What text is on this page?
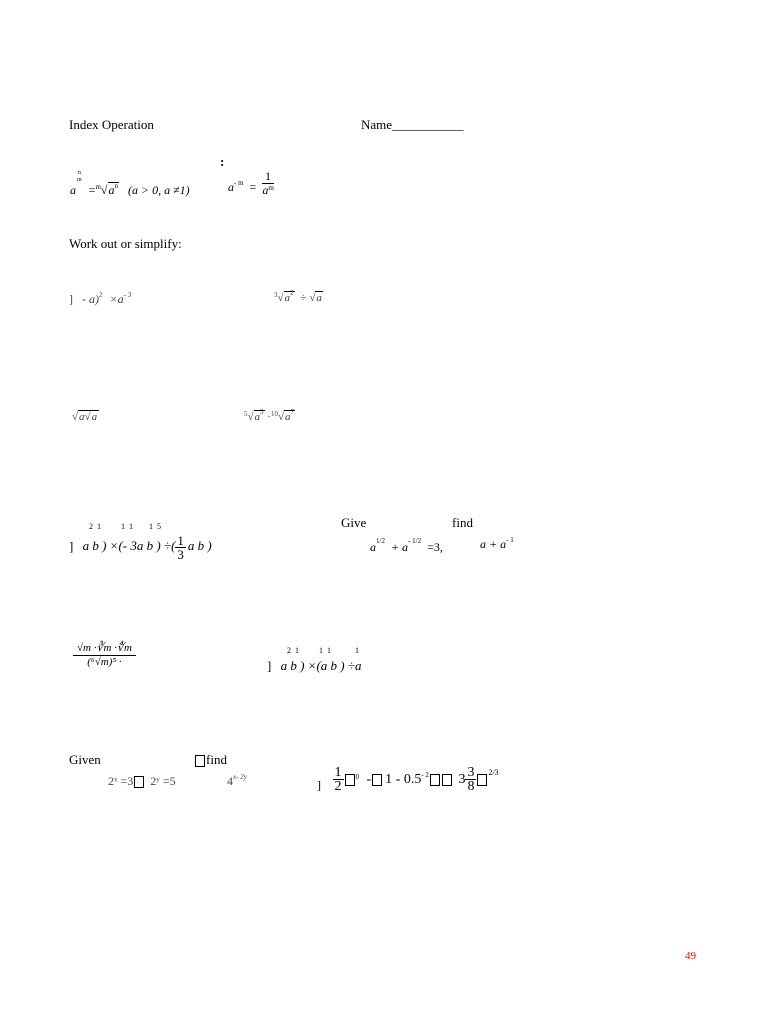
Index Operation	Name___________
:
a
n
m
$=^m√a^n$ (a > 0, a ≠1)	a- $m = \frac{1}{a^m}$
Work out or simplify:
] - $a)^2 \times a^{- 3}$	$^3√a^2 \div √a$
√a√a	$^5√a^3 \cdot^{10}√a^7$
2  1          1  1        1  5
] a b ) ×(- 3a b ) ÷( $\frac{1}{3}$ a b )
Give	find
a1/2 + a- 1/2 =3,	$a + a^{- 1}$
$\frac{√m \cdot∛m \cdot∜m}{\text{(⁶√m)⁵ ·}}$	2  1          1  1            1
] a b ) ×(a b ) ÷a
Given	find
2ˣ =3 2ʸ =5	$4^{x- 2y}$
] $\frac{1}{2} ^0 - 1 - 0.5^{- 2}$ $3 \frac{3}{8} ^{2/3}$
49
